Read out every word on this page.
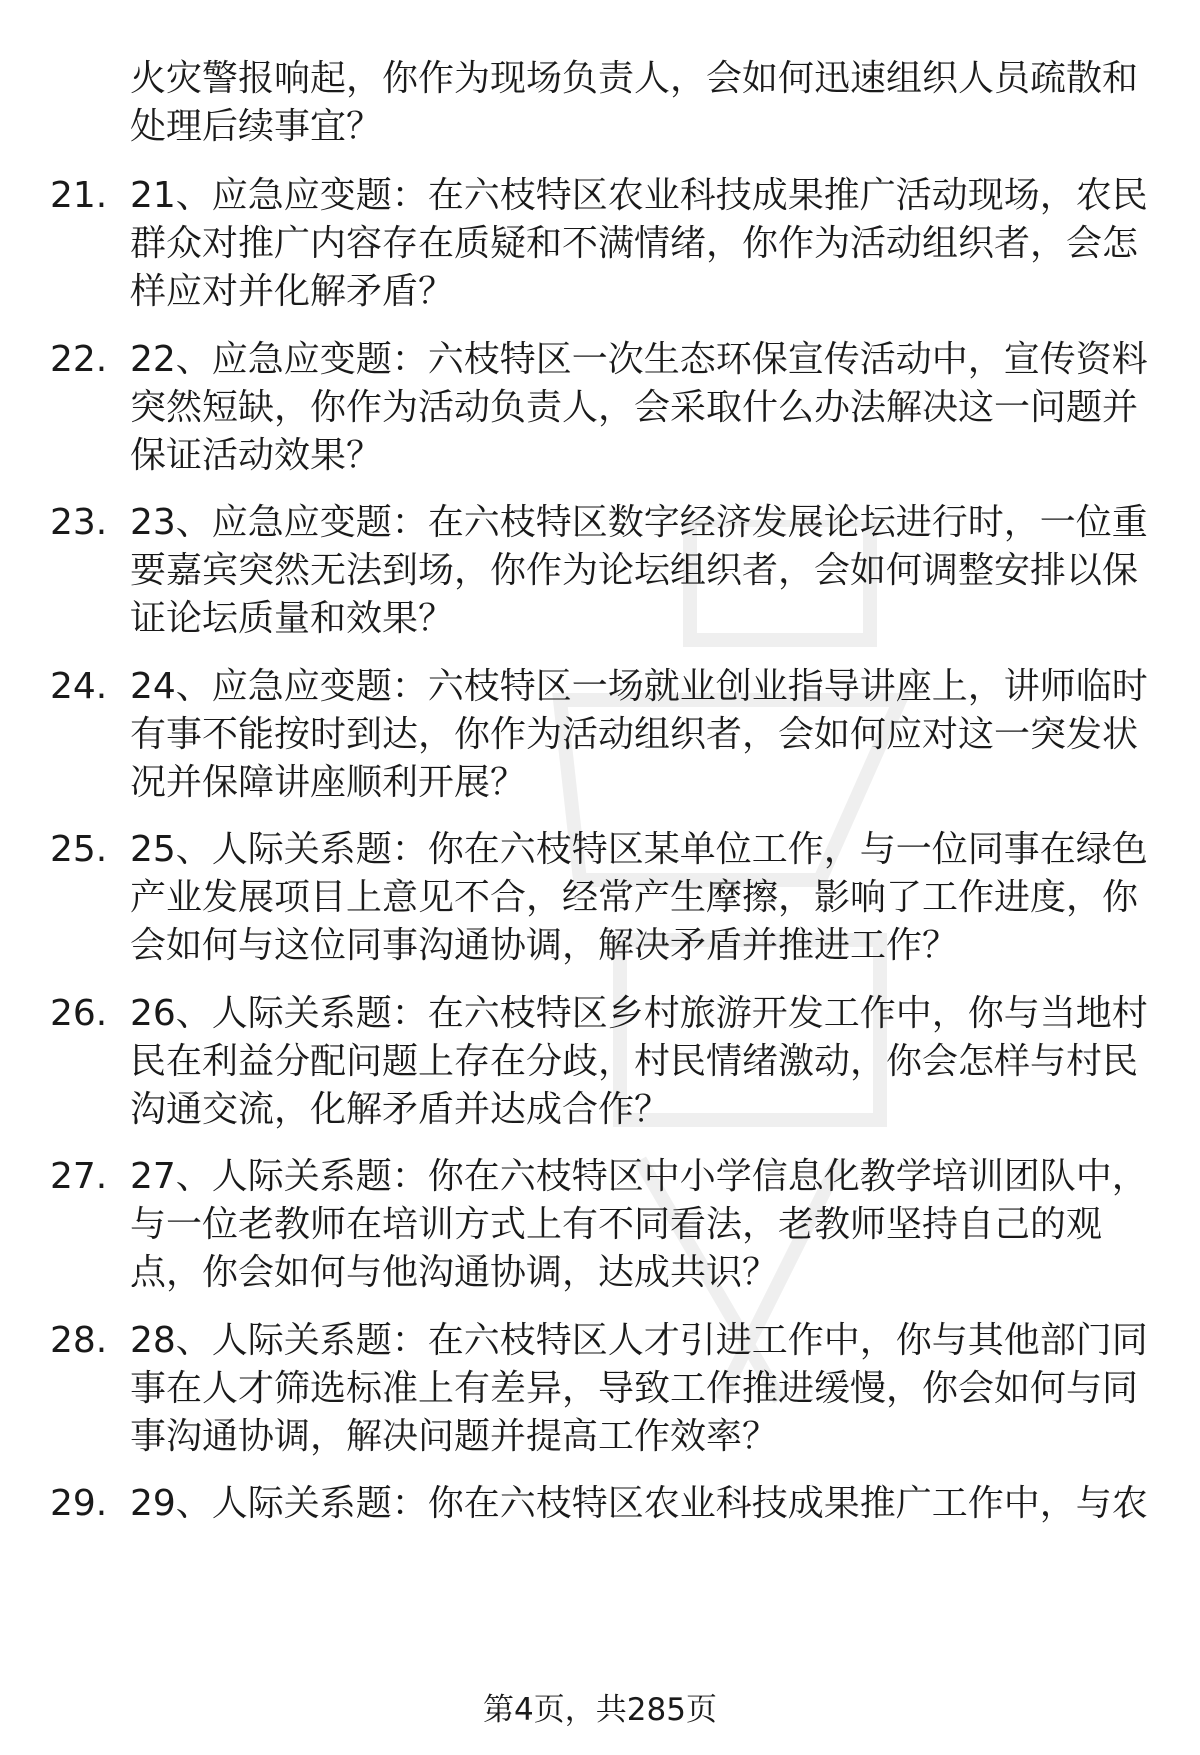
火灾警报响起，你作为现场负责人，会如何迅速组织人员疏散和处理后续事宜？
21. 21、应急应变题：在六枝特区农业科技成果推广活动现场，农民群众对推广内容存在质疑和不满情绪，你作为活动组织者，会怎样应对并化解矛盾？
22. 22、应急应变题：六枝特区一次生态环保宣传活动中，宣传资料突然短缺，你作为活动负责人，会采取什么办法解决这一问题并保证活动效果？
23. 23、应急应变题：在六枝特区数字经济发展论坛进行时，一位重要嘉宾突然无法到场，你作为论坛组织者，会如何调整安排以保证论坛质量和效果？
24. 24、应急应变题：六枝特区一场就业创业指导讲座上，讲师临时有事不能按时到达，你作为活动组织者，会如何应对这一突发状况并保障讲座顺利开展？
25. 25、人际关系题：你在六枝特区某单位工作，与一位同事在绿色产业发展项目上意见不合，经常产生摩擦，影响了工作进度，你会如何与这位同事沟通协调，解决矛盾并推进工作？
26. 26、人际关系题：在六枝特区乡村旅游开发工作中，你与当地村民在利益分配问题上存在分歧，村民情绪激动，你会怎样与村民沟通交流，化解矛盾并达成合作？
27. 27、人际关系题：你在六枝特区中小学信息化教学培训团队中，与一位老教师在培训方式上有不同看法，老教师坚持自己的观点，你会如何与他沟通协调，达成共识？
28. 28、人际关系题：在六枝特区人才引进工作中，你与其他部门同事在人才筛选标准上有差异，导致工作推进缓慢，你会如何与同事沟通协调，解决问题并提高工作效率？
29. 29、人际关系题：你在六枝特区农业科技成果推广工作中，与农
第4页，共285页
